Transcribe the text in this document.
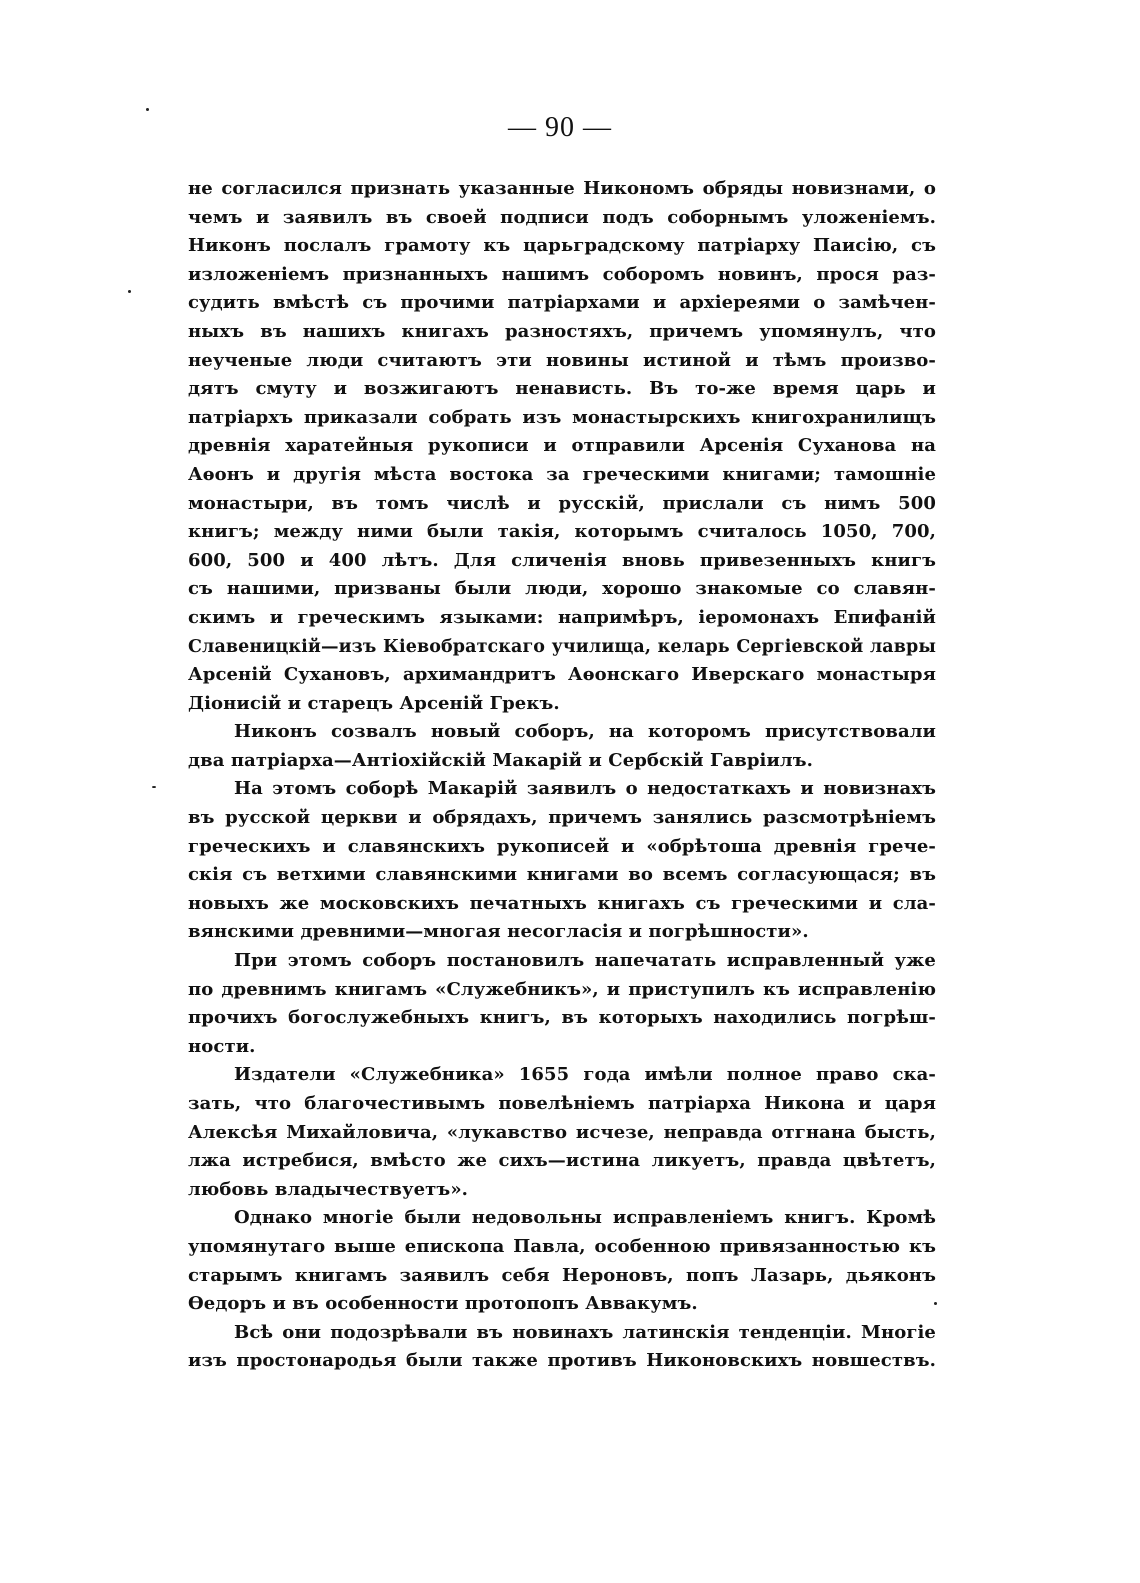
— 90 —
не согласился признать указанные Никономъ обряды новизнами, о
чемъ и заявилъ въ своей подписи подъ соборнымъ уложеніемъ.
Никонъ послалъ грамоту къ царьградскому патріарху Паисію, съ
изложеніемъ признанныхъ нашимъ соборомъ новинъ, прося раз-
судить вмѣстѣ съ прочими патріархами и архіереями о замѣчен-
ныхъ въ нашихъ книгахъ разностяхъ, причемъ упомянулъ, что
неученые люди считаютъ эти новины истиной и тѣмъ произво-
дятъ смуту и возжигаютъ ненависть. Въ то-же время царь и
патріархъ приказали собрать изъ монастырскихъ книгохранилищъ
древнія харатейныя рукописи и отправили Арсенія Суханова на
Аѳонъ и другія мѣста востока за греческими книгами; тамошніе
монастыри, въ томъ числѣ и русскій, прислали съ нимъ 500
книгъ; между ними были такія, которымъ считалось 1050, 700,
600, 500 и 400 лѣтъ. Для сличенія вновь привезенныхъ книгъ
съ нашими, призваны были люди, хорошо знакомые со славян-
скимъ и греческимъ языками: напримѣръ, іеромонахъ Епифаній
Славеницкій—изъ Кіевобратскаго училища, келарь Сергіевской лавры
Арсеній Сухановъ, архимандритъ Аѳонскаго Иверскаго монастыря
Діонисій и старецъ Арсеній Грекъ.
Никонъ созвалъ новый соборъ, на которомъ присутствовали
два патріарха—Антіохійскій Макарій и Сербскій Гавріилъ.
На этомъ соборѣ Макарій заявилъ о недостаткахъ и новизнахъ
въ русской церкви и обрядахъ, причемъ занялись разсмотрѣніемъ
греческихъ и славянскихъ рукописей и «обрѣтоша древнія грече-
скія съ ветхими славянскими книгами во всемъ согласующася; въ
новыхъ же московскихъ печатныхъ книгахъ съ греческими и сла-
вянскими древними—многая несогласія и погрѣшности».
При этомъ соборъ постановилъ напечатать исправленный уже
по древнимъ книгамъ «Служебникъ», и приступилъ къ исправленію
прочихъ богослужебныхъ книгъ, въ которыхъ находились погрѣш-
ности.
Издатели «Служебника» 1655 года имѣли полное право ска-
зать, что благочестивымъ повелѣніемъ патріарха Никона и царя
Алексѣя Михайловича, «лукавство исчезе, неправда отгнана бысть,
лжа истребися, вмѣсто же сихъ—истина ликуетъ, правда цвѣтетъ,
любовь владычествуетъ».
Однако многіе были недовольны исправленіемъ книгъ. Кромѣ
упомянутаго выше епископа Павла, особенною привязанностью къ
старымъ книгамъ заявилъ себя Нероновъ, попъ Лазарь, дьяконъ
Ѳедоръ и въ особенности протопопъ Аввакумъ.
Всѣ они подозрѣвали въ новинахъ латинскія тенденціи. Многіе
изъ простонародья были также противъ Никоновскихъ новшествъ.
